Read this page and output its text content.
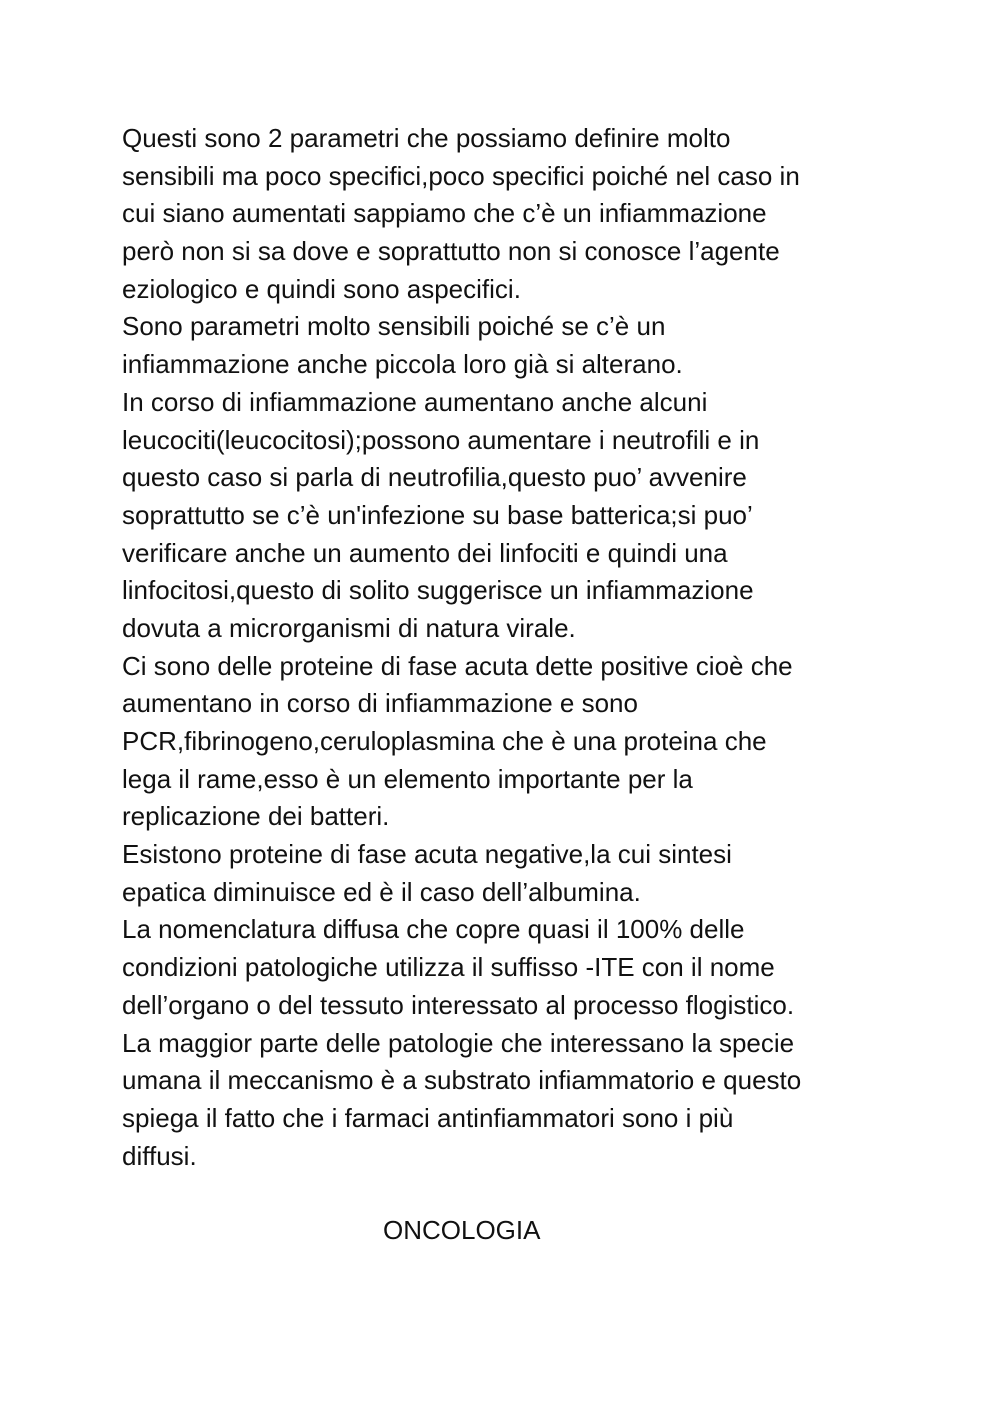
Questi sono 2 parametri che possiamo definire molto
sensibili ma poco specifici,poco specifici poiché nel caso in
cui siano aumentati sappiamo che c’è un infiammazione
però non si sa dove e soprattutto non si conosce l’agente
eziologico e quindi sono aspecifici.
Sono parametri molto sensibili poiché se c’è un
infiammazione anche piccola loro già si alterano.
In corso di infiammazione aumentano anche alcuni
leucociti(leucocitosi);possono aumentare i neutrofili e in
questo caso si parla di neutrofilia,questo puo’ avvenire
soprattutto se c’è un'infezione su base batterica;si puo’
verificare anche un aumento dei linfociti e quindi una
linfocitosi,questo di solito suggerisce un infiammazione
dovuta a microrganismi di natura virale.
Ci sono delle proteine di fase acuta dette positive cioè che
aumentano in corso di infiammazione e sono
PCR,fibrinogeno,ceruloplasmina che è una proteina che
lega il rame,esso è un elemento importante per la
replicazione dei batteri.
Esistono proteine di fase acuta negative,la cui sintesi
epatica diminuisce ed è il caso dell’albumina.
La nomenclatura diffusa che copre quasi il 100% delle
condizioni patologiche utilizza il suffisso -ITE con il nome
dell’organo o del tessuto interessato al processo flogistico.
La maggior parte delle patologie che interessano la specie
umana il meccanismo è a substrato infiammatorio e questo
spiega il fatto che i farmaci antinfiammatori sono i più
diffusi.
ONCOLOGIA
